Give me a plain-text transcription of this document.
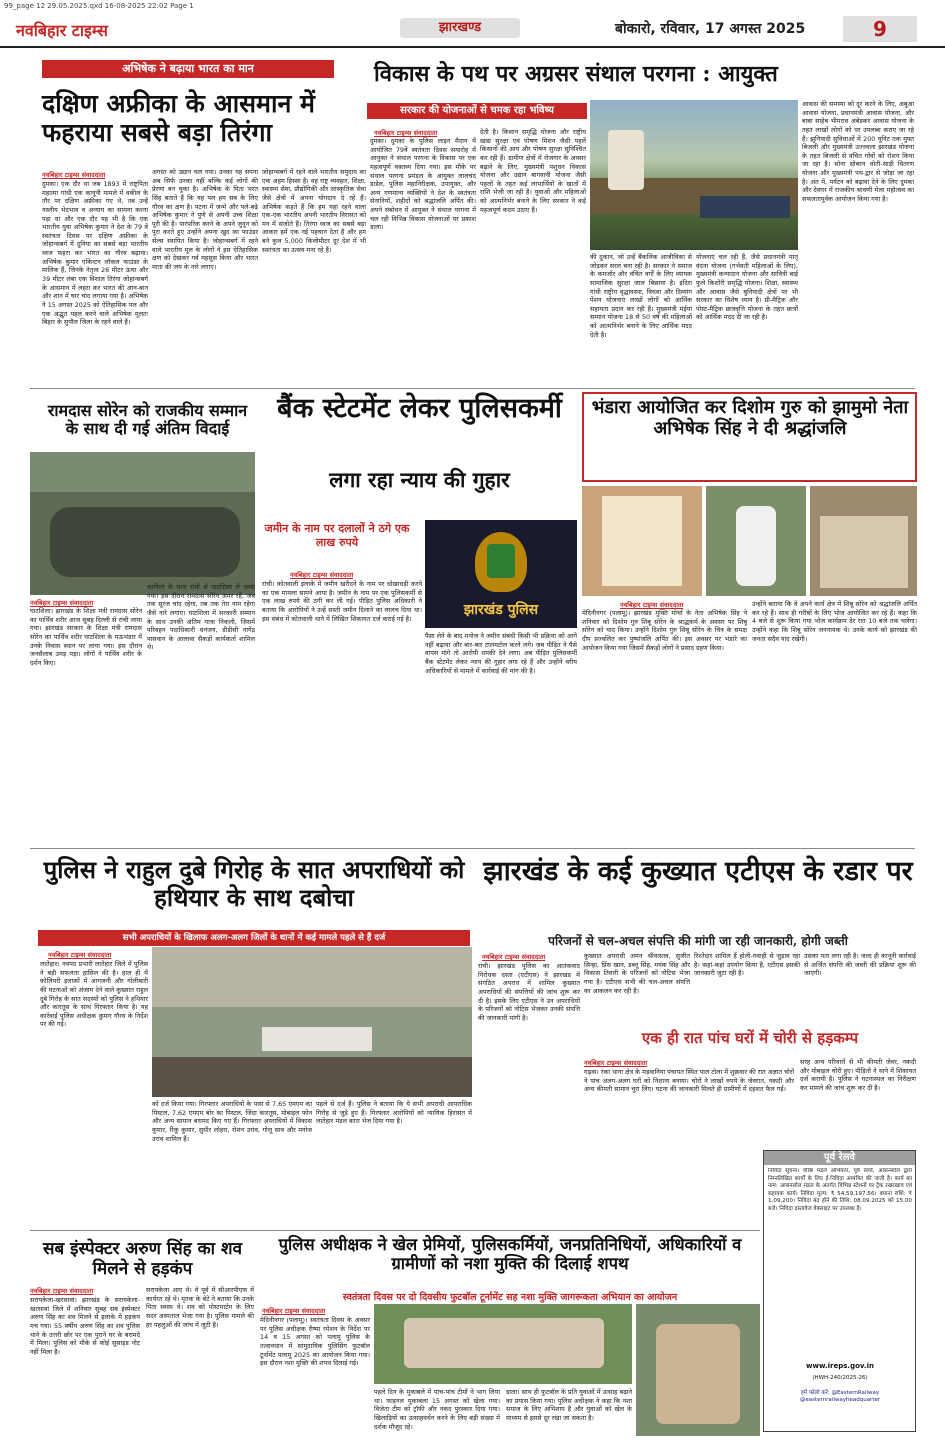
99_page 12 29.05.2025.qxd 16-08-2025 22:02 Page 1
नवबिहार टाइम्स	झारखण्ड	बोकारो, रविवार, 17 अगस्त 2025	9
अभिषेक ने बढ़ाया भारत का मान
दक्षिण अफ्रीका के आसमान में फहराया सबसे बड़ा तिरंगा
नवबिहार टाइम्स संवाददाता
दुमका। एक दौर था जब 1893 में राष्ट्रपिता महात्मा गांधी एक कानूनी मामले में वकील के तौर पर दक्षिण अफ्रीका गए थे, तब उन्हें नस्लीय भेदभाव व अन्याय का सामना करना पड़ा था और एक दौर यह भी है कि एक भारतीय युवा अभिषेक कुमार ने देश के 79 वें स्वतंत्रता दिवस पर दक्षिण अफ्रीका के जोहान्सबर्ग में दुनिया का सबसे बड़ा भारतीय ध्वज फहरा कर भारत का गौरव बढ़ाया। अभिषेक कुमार एकिंग्टन लॉकल फाउंडर के मालिक हैं, जिनके नेतृत्व 26 मीटर ऊंचा और 39 मीटर लंबा एक विशाल तिरंगा जोहान्सबर्ग के आसमान में लहरा कर भारत की आन-बान और शान में चार चांद लगाया गया है। अभिषेक ने 15 अगस्त 2025 को ऐतिहासिक पल और एक अद्भुत पहल करने वाले अभिषेक मूलतः बिहार के सुपौल जिला के रहने वाले हैं।
अगस्त को उद्यान चल गया। उनका यह सपना अब सिर्फ उनका नहीं बल्कि कई लोगों की प्रेरणा बन चुका है। अभिषेक के पिता भरत सिंह बताते हैं कि यह पल हम सब के लिए गौरव का क्षण है। पटना में जन्मे और पले-बढ़े अभिषेक कुमार ने पुणे से अपनी उच्च शिक्षा पूरी की है। पारंपरिक करने के अपने जुनून को पूरा करते हुए उन्होंने अपना खुद का फाउंडर सेल्स स्थापित किया है। जोहान्सबर्ग में रहने वाले भारतीय मूल के लोगों ने इस ऐतिहासिक क्षण को देखकर गर्व महसूस किया और भारत माता की जय के नारे लगाए।
जोहान्सबर्ग में रहने वाले भारतीय समुदाय का एक अहम हिस्सा है। वह राष्ट्र व्यवहार, शिक्षा, स्वास्थ्य सेवा, प्रौद्योगिकी और सांस्कृतिक सेवा जैसे क्षेत्रों में अपना योगदान दे रहे हैं। अभिषेक कहते हैं कि हम यहां रहने वाला एक-एक भारतीय अपनी भारतीय विरासत को मन में संजोते हैं। तिरंगा ध्वज का सबसे बड़ा आकार हमें एक नई पहचान देता है और हम बने कुल 5,000 किलोमीटर दूर देश में भी स्वतंत्रता का उत्सव मना रहे हैं।
विकास के पथ पर अग्रसर संथाल परगना : आयुक्त
सरकार की योजनाओं से चमक रहा भविष्य
नवबिहार टाइम्स संवाददाता
दुमका। दुमका के पुलिस लाइन मैदान में आयोजित 79वें स्वतंत्रता दिवस समारोह में आयुक्त ने संथाल परगना के विकास पर एक महत्वपूर्ण वक्तव्य दिया गया। इस मौके पर संथाल परगना प्रमंडल के आयुक्त लालचंद डाडेल, पुलिस महानिरीक्षक, उपायुक्त, और अन्य गणमान्य व्यक्तियों ने देश के स्वतंत्रता सेनानियों, शहीदों को श्रद्धांजलि अर्पित की। अपने संबोधन में आयुक्त ने संथाल परगना में चल रही विभिन्न विकास योजनाओं पर प्रकाश डाला।
देती है। किसान समृद्धि योजना और राष्ट्रीय खाद्य सुरक्षा एवं पोषण मिशन जैसी पहलें किसानों की आय और पोषण सुरक्षा सुनिश्चित कर रही हैं। ग्रामीण क्षेत्रों में रोजगार के अवसर बढ़ाने के लिए, मुख्यमंत्री पशुधन विकास योजना और उद्यान बागवानी योजना जैसी पहलों के तहत कई लाभार्थियों के खातों में राशि भेजी जा रही है। युवाओं और महिलाओं को आत्मनिर्भर बनाने के लिए सरकार ने कई महत्वपूर्ण कदम उठाए हैं।
की दुकान, जो उन्हें बैंकलिंक आजीविका से जोड़कर सरल बना रही है। सरकार ने समाज के कमजोर और वंचित वर्गों के लिए व्यापक सामाजिक सुरक्षा जाल बिछाया है। इंदिरा गांधी राष्ट्रीय वृद्धावस्था, विधवा और दिव्यांग पेंशन योजनाएं लाखों लोगों को आर्थिक सहायता प्रदान कर रही हैं। मुख्यमंत्री मंईयां सम्मान योजना 18 से 50 वर्ष की महिलाओं को आत्मनिर्भर बनाने के लिए आर्थिक मदद देती है।
योजनाएं चल रही हैं, जैसे प्रधानमंत्री मातृ वंदना योजना (गर्भवती महिलाओं के लिए), मुख्यमंत्री कन्यादान योजना और सावित्री बाई फुले किशोरी समृद्धि योजना। शिक्षा, स्वास्थ्य और आवास जैसे बुनियादी क्षेत्रों पर भी सरकार का विशेष ध्यान है। प्री-मैट्रिक और पोस्ट-मैट्रिक छात्रवृत्ति योजना के तहत छात्रों को आर्थिक मदद दी जा रही है।
आवास की समस्या को दूर करने के लिए, अबुआ आवास योजना, प्रधानमंत्री आवास योजना, और बाबा साहेब भीमराव अंबेडकर आवास योजना के तहत लाखों लोगों को पर उपलब्ध कराए जा रहे हैं। झुनियादी सुविधाओं में 200 यूनिट तक मुफ्त बिजली और मुख्यमंत्री उज्ज्वला झारखंड योजना के तहत बिजली से वंचित गाँवों को रोशन किया जा रहा है। सोना सोबरन धोती-साड़ी वितरण योजना और मुख्यमंत्री पथ-द्वार से जोड़ा जा रहा है। अंत में, पर्यटन को बढ़ावा देने के लिए दुमका और देवघर में राजकीय श्रावणी मेला महोत्सव का सफलतापूर्वक आयोजन किया गया है।
रामदास सोरेन को राजकीय सम्मान के साथ दी गई अंतिम विदाई
नवबिहार टाइम्स संवाददाता
घाटशिला। झारखंड के शिक्षा मंत्री रामदास सोरेन का पार्थिव शरीर आज सुबह दिल्ली से रांची लाया गया। झारखंड सरकार के शिक्षा मंत्री रामदास सोरेन का पार्थिव शरीर घाटशिला के मऊभंडार में उनके निवास स्थान पर लाया गया। इस दौरान जनसैलाब उमड़ पड़ा। लोगों ने पार्थिव शरीर के दर्शन किए।
काफिले के साथ रांची से घाटशिला ले जाया गया। इस दौरान रामदास सोरेन अमर रहें, जब तक सूरज चांद रहेगा, तब तक तेरा नाम रहेगा जैसे नारे लगाए। घाटशिला में सरकारी सम्मान के साथ उनकी अंतिम यात्रा निकली, जिसमें परिवहन पदाधिकारी धनंजय, डीडीसी नागेंद्र पासवान के आलावा सैकड़ों कार्यकर्ता शामिल थे।
बैंक स्टेटमेंट लेकर पुलिसकर्मी
लगा रहा न्याय की गुहार
जमीन के नाम पर दलालों ने ठगे एक लाख रुपये
नवबिहार टाइम्स संवाददाता
रांची। कोतवाली इलाके में जमीन खरीदने के नाम पर धोखाधड़ी करने का एक मामला सामने आया है। जमीन के नाम पर एक पुलिसकर्मी से एक लाख रुपये की ठगी कर ली गई। पीड़ित पुलिस अधिकारी ने बताया कि आरोपियों ने उन्हें सस्ती जमीन दिलाने का लालच दिया था। इस संबंध में कोतवाली थाने में लिखित शिकायत दर्ज कराई गई है।
झारखंड पुलिस
पैसा लेने के बाद मनोज ने जमीन संबंधी किसी भी प्रक्रिया को आगे नहीं बढ़ाया और बार-बार टालमटोल करने लगे। जब पीड़ित ने पैसे वापस मांगे तो आरोपी धमकी देने लगा। अब पीड़ित पुलिसकर्मी बैंक स्टेटमेंट लेकर न्याय की गुहार लगा रहे हैं और उन्होंने वरीय अधिकारियों से मामले में कार्रवाई की मांग की है।
भंडारा आयोजित कर दिशोम गुरु को झामुमो नेता अभिषेक सिंह ने दी श्रद्धांजलि
नवबिहार टाइम्स संवाददाता
मेदिनीनगर (पलामू)। झारखंड मुक्ति मोर्चा के नेता अभिषेक सिंह ने शनिवार को दिशोम गुरु शिबू सोरेन के श्राद्धकर्म के अवसर पर शिबू सोरेन को याद किया। उन्होंने दिशोम गुरु शिबू सोरेन के चित्र के समक्ष दीप प्रज्वलित कर पुष्पांजलि अर्पित की। इस अवसर पर भंडारे का आयोजन किया गया जिसमें सैकड़ों लोगों ने प्रसाद ग्रहण किया।
उन्होंने बताया कि वे अपने कार्य क्षेत्र में शिबू सोरेन को श्रद्धांजलि अर्पित कर रहे हैं। साथ ही गरीबों के लिए भोज आयोजित कर रहे हैं। कहा कि 4 बजे से शुरू किया गया भोज कार्यक्रम देर रात 10 बजे तक चलेगा। उन्होंने कहा कि शिबू सोरेन जननायक थे। उनके कार्य को झारखंड की जनता सदैव याद रखेगी।
पुलिस ने राहुल दुबे गिरोह के सात अपराधियों को हथियार के साथ दबोचा
सभी अपराधियों के खिलाफ अलग-अलग जिलों के थानों में कई मामले पहले से हैं दर्ज
नवबिहार टाइम्स संवाददाता
लातेहार। नवपद प्रभारी लातेहार जिले में पुलिस ने बड़ी सफलता हासिल की है। हाल ही में कोलियरी इलाकों में आगजनी और गोलीबारी की घटनाओं को अंजाम देने वाले कुख्यात राहुल दुबे गिरोह के सात सदस्यों को पुलिस ने हथियार और कारतूस के साथ गिरफ्तार किया है। यह कार्रवाई पुलिस अधीक्षक कुमार गौरव के निर्देश पर की गई।
को दर्ज किया गया। गिरफ्तार अपराधियों के पास से 7.65 एमएम का पिस्टल, 7.62 एमएम बोर का पिस्टल, जिंदा कारतूस, मोबाइल फोन और अन्य सामान बरामद किए गए हैं। गिरफ्तार अपराधियों में विकास कुमार, रिंकू कुमार, सुधीर लोहरा, रोशन उरांव, गोलू साव और मनोज उरांव शामिल हैं।
पहले से दर्ज हैं। पुलिस ने बताया कि ये सभी अपराधी आपराधिक गिरोह से जुड़े हुए हैं। गिरफ्तार आरोपियों को न्यायिक हिरासत में लातेहार मंडल कारा भेज दिया गया है।
झारखंड के कई कुख्यात एटीएस के रडार पर
परिजनों से चल-अचल संपत्ति की मांगी जा रही जानकारी, होगी जब्ती
नवबिहार टाइम्स संवाददाता
रांची। झारखंड पुलिस का आतंकवाद निरोधक दस्ता (एटीएस) ने झारखंड में संगठित अपराध में शामिल कुख्यात अपराधियों की संपत्तियों की जांच शुरू कर दी है। इसके लिए एटीएस ने उन अपराधियों के परिजनों को नोटिस भेजकर उनकी संपत्ति की जानकारी मांगी है।
कुख्यात अपराधी अमन श्रीवास्तव, सुजीत सिन्हा, प्रिंस खान, डब्लू सिंह, मयंक सिंह और विकास तिवारी के परिजनों को नोटिस भेजा गया है। एटीएस सभी की चल-अचल संपत्ति का आकलन कर रही है।
रिश्तेदार शामिल हैं होली-गवाही से जुड़ाव रहा है। कहां-कहां उपयोग किया है, एटीएस इसकी जानकारी जुटा रही है।
उसका पता लगा रही है। जल्द ही कानूनी कार्रवाई से अर्जित संपत्ति की जब्ती की प्रक्रिया शुरू की जाएगी।
एक ही रात पांच घरों में चोरी से हड़कम्प
नवबिहार टाइम्स संवाददाता
गढ़वा। रंका थाना क्षेत्र के मड़वानिया पंचायत स्थित पाल टोला में शुक्रवार की रात अज्ञात चोरों ने पांच अलग-अलग घरों को निशाना बनाया। चोरों ने लाखों रुपये के जेवरात, नकदी और अन्य कीमती सामान चुरा लिए। घटना की जानकारी मिलते ही ग्रामीणों में दहशत फैल गई।
सरह अन्य परिवारों से भी कीमती जेवर, नकदी और मोबाइल चोरी हुए। पीड़ितों ने थाने में शिकायत दर्ज करायी है। पुलिस ने घटनास्थल का निरीक्षण कर मामले की जांच शुरू कर दी है।
पूर्व रेलवे
निविदा सूचना। वरिष्ठ मंडल अभियंता, पूर्व रेलवे, आसनसोल द्वारा निम्नलिखित कार्यों के लिए ई-निविदा आमंत्रित की जाती है। कार्य का नाम: आसनसोल मंडल के अंतर्गत विभिन्न स्टेशनों पर ट्रैक रखरखाव एवं सहायक कार्य। निविदा मूल्य: ₹ 54,59,197.56। बयाना राशि: ₹ 1,09,200। निविदा बंद होने की तिथि: 08.09.2025 को 15.00 बजे। निविदा दस्तावेज वेबसाइट पर उपलब्ध है।
www.ireps.gov.in
(HWH-240/2025-26)
हमें फॉलो करें: @EasternRailway @easternrailwayheadquarter
सब इंस्पेक्टर अरुण सिंह का शव मिलने से हड़कंप
नवबिहार टाइम्स संवाददाता
सरायकेला-खरसावां। झारखंड के सरायकेला-खरसावां जिले में शनिवार सुबह सब इंस्पेक्टर अरुण सिंह का शव मिलने से इलाके में हड़कंप मच गया। 55 वर्षीय अरुण सिंह का शव पुलिस थाने के उत्तरी छोर पर एक पुराने घर के बरामदे में मिला। पुलिस को मौके से कोई सुसाइड नोट नहीं मिला है।
सरायकेला आए थे। वे पूर्व में सीआरपीएफ में कार्यरत रहे थे। मृतक के बेटे ने बताया कि उनके पिता स्वस्थ थे। शव को पोस्टमार्टम के लिए सदर अस्पताल भेजा गया है। पुलिस मामले की हर पहलुओं की जांच में जुटी है।
पुलिस अधीक्षक ने खेल प्रेमियों, पुलिसकर्मियों, जनप्रतिनिधियों, अधिकारियों व ग्रामीणों को नशा मुक्ति की दिलाई शपथ
स्वतंत्रता दिवस पर दो दिवसीय फुटबॉल टूर्नामेंट सह नशा मुक्ति जागरूकता अभियान का आयोजन
नवबिहार टाइम्स संवाददाता
मेदिनीनगर (पलामू)। स्वतंत्रता दिवस के अवसर पर पुलिस अधीक्षक रीष्मा रमेशन के निर्देश पर 14 व 15 अगस्त को पलामू पुलिस के तत्वावधान में सामुदायिक पुलिसिंग फुटबॉल टूर्नामेंट पलामू 2025 का आयोजन किया गया। इस दौरान नशा मुक्ति की शपथ दिलाई गई।
पहले दिन के मुकाबले में पांच-पांच टीमों ने भाग लिया था। फाइनल मुकाबला 15 अगस्त को खेला गया। विजेता टीम को ट्रॉफी और नकद पुरस्कार दिया गया। खिलाड़ियों का उत्साहवर्धन करने के लिए बड़ी संख्या में दर्शक मौजूद रहे।
डाला। साथ ही फुटबॉल के प्रति युवाओं में उत्साह बढ़ाने का प्रयास किया गया। पुलिस अधीक्षक ने कहा कि नशा समाज के लिए अभिशाप है और युवाओं को खेल के माध्यम से इससे दूर रखा जा सकता है।
